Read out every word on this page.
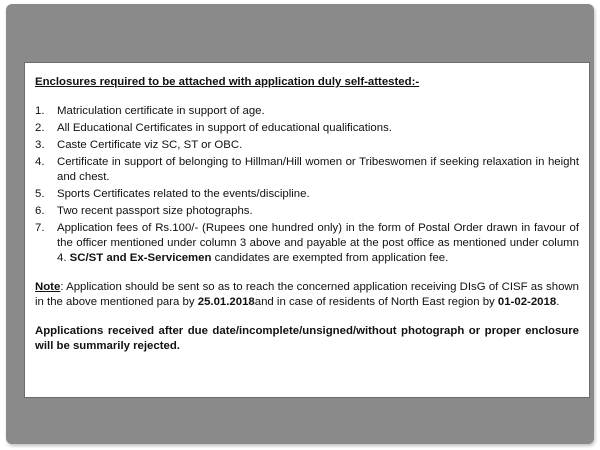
Enclosures required to be attached with application duly self-attested:-
1.	Matriculation certificate in support of age.
2.	All Educational Certificates in support of educational qualifications.
3.	Caste Certificate viz SC, ST or OBC.
4.	Certificate in support of belonging to Hillman/Hill women or Tribeswomen if seeking relaxation in height and chest.
5.	Sports Certificates related to the events/discipline.
6.	Two recent passport size photographs.
7.	Application fees of Rs.100/- (Rupees one hundred only) in the form of Postal Order drawn in favour of the officer mentioned under column 3 above and payable at the post office as mentioned under column 4. SC/ST and Ex-Servicemen candidates are exempted from application fee.
Note: Application should be sent so as to reach the concerned application receiving DIsG of CISF as shown in the above mentioned para by 25.01.2018and in case of residents of North East region by 01-02-2018.
Applications received after due date/incomplete/unsigned/without photograph or proper enclosure will be summarily rejected.
